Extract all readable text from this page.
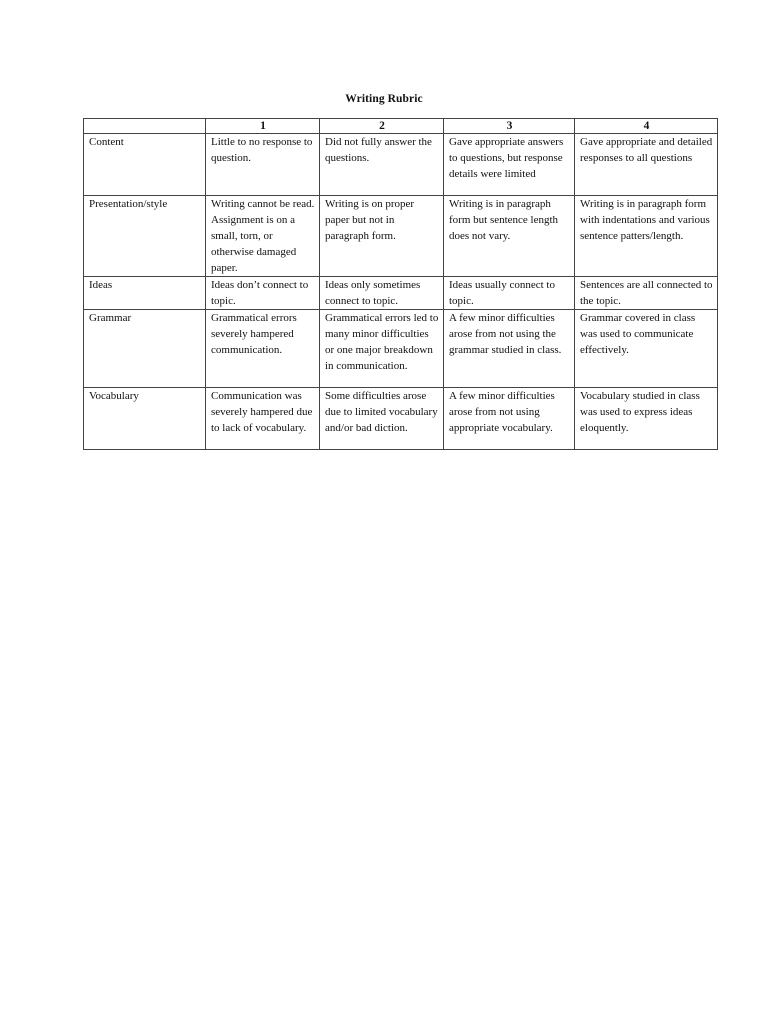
Writing Rubric
	1	2	3	4
Content	Little to no response to question.	Did not fully answer the questions.	Gave appropriate answers to questions, but response details were limited	Gave appropriate and detailed responses to all questions
Presentation/style	Writing cannot be read. Assignment is on a small, torn, or otherwise damaged paper.	Writing is on proper paper but not in paragraph form.	Writing is in paragraph form but sentence length does not vary.	Writing is in paragraph form with indentations and various sentence patters/length.
Ideas	Ideas don’t connect to topic.	Ideas only sometimes connect to topic.	Ideas usually connect to topic.	Sentences are all connected to the topic.
Grammar	Grammatical errors severely hampered communication.	Grammatical errors led to many minor difficulties or one major breakdown in communication.	A few minor difficulties arose from not using the grammar studied in class.	Grammar covered in class was used to communicate effectively.
Vocabulary	Communication was severely hampered due to lack of vocabulary.	Some difficulties arose due to limited vocabulary and/or bad diction.	A few minor difficulties arose from not using appropriate vocabulary.	Vocabulary studied in class was used to express ideas eloquently.
